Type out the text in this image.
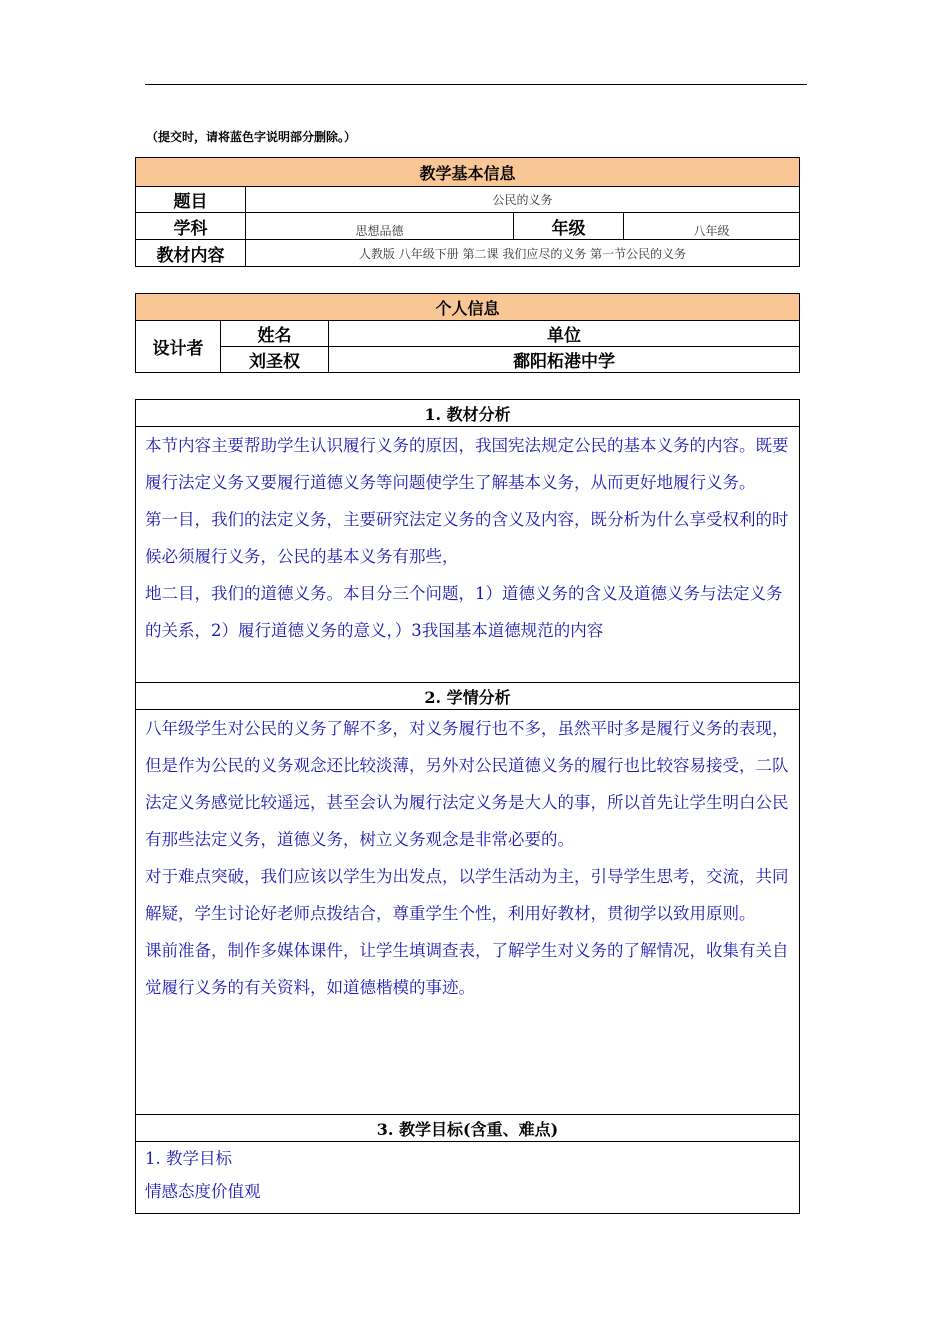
（提交时，请将蓝色字说明部分删除。）
教学基本信息			
题目	公民的义务		
学科	思想品德	年级	八年级
教材内容	人教版 八年级下册 第二课 我们应尽的义务 第一节公民的义务		
个人信息		
设计者	姓名	单位
	刘圣权	鄱阳柘港中学
1. 教材分析

本节内容主要帮助学生认识履行义务的原因，我国宪法规定公民的基本义务的内容。既要履行法定义务又要履行道德义务等问题使学生了解基本义务，从而更好地履行义务。

第一目，我们的法定义务，主要研究法定义务的含义及内容，既分析为什么享受权利的时候必须履行义务，公民的基本义务有那些，

地二目，我们的道德义务。本目分三个问题，1）道德义务的含义及道德义务与法定义务的关系，2）履行道德义务的意义，）3我国基本道德规范的内容

2. 学情分析

八年级学生对公民的义务了解不多，对义务履行也不多，虽然平时多是履行义务的表现，但是作为公民的义务观念还比较淡薄，另外对公民道德义务的履行也比较容易接受，二队法定义务感觉比较遥远，甚至会认为履行法定义务是大人的事，所以首先让学生明白公民有那些法定义务，道德义务，树立义务观念是非常必要的。

对于难点突破，我们应该以学生为出发点，以学生活动为主，引导学生思考，交流，共同解疑，学生讨论好老师点拨结合，尊重学生个性，利用好教材，贯彻学以致用原则。

课前准备，制作多媒体课件，让学生填调查表，了解学生对义务的了解情况，收集有关自觉履行义务的有关资料，如道德楷模的事迹。

3. 教学目标(含重、难点)

1. 教学目标

情感态度价值观
